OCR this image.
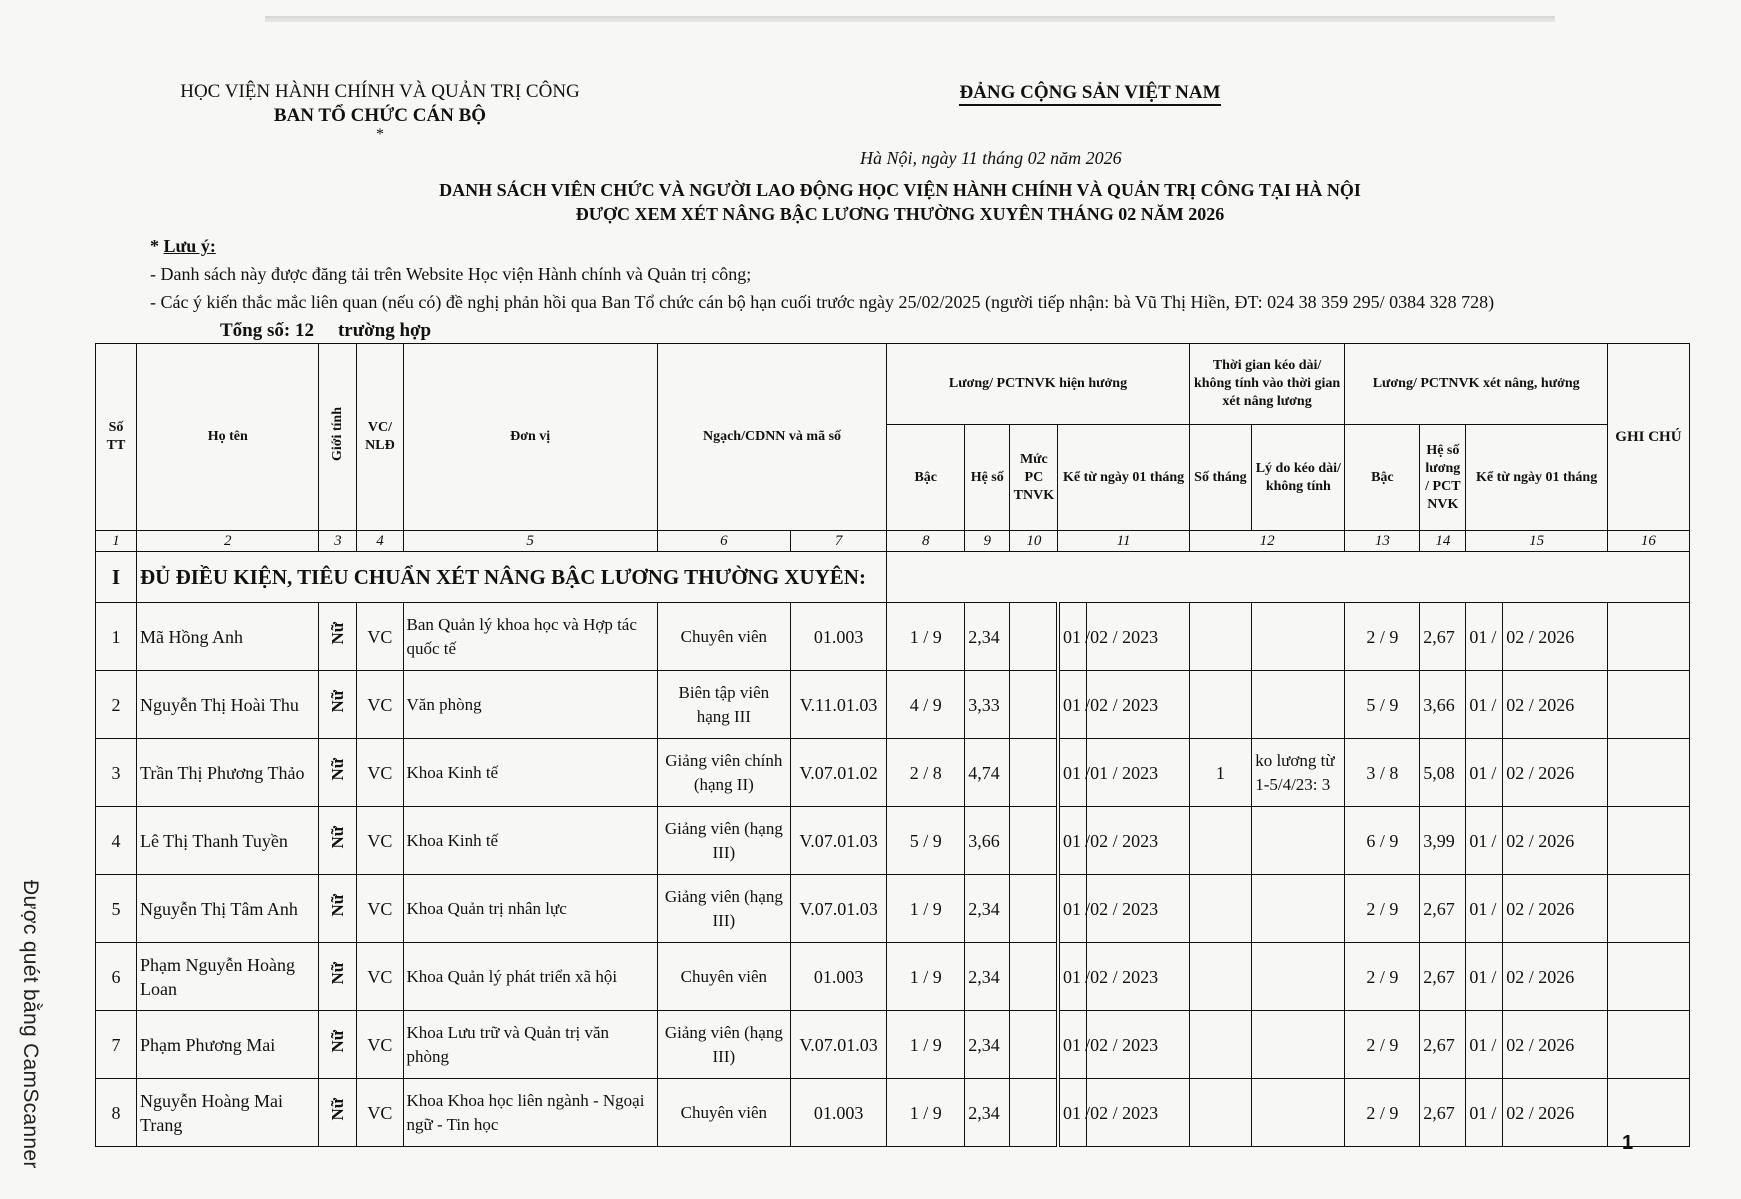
Được quét bằng CamScanner
HỌC VIỆN HÀNH CHÍNH VÀ QUẢN TRỊ CÔNG
BAN TỔ CHỨC CÁN BỘ
*
ĐẢNG CỘNG SẢN VIỆT NAM
Hà Nội, ngày 11 tháng 02 năm 2026
DANH SÁCH VIÊN CHỨC VÀ NGƯỜI LAO ĐỘNG HỌC VIỆN HÀNH CHÍNH VÀ QUẢN TRỊ CÔNG TẠI HÀ NỘI
ĐƯỢC XEM XÉT NÂNG BẬC LƯƠNG THƯỜNG XUYÊN THÁNG 02 NĂM 2026
* Lưu ý:
- Danh sách này được đăng tải trên Website Học viện Hành chính và Quản trị công;
- Các ý kiến thắc mắc liên quan (nếu có) đề nghị phản hồi qua Ban Tổ chức cán bộ hạn cuối trước ngày 25/02/2025 (người tiếp nhận: bà Vũ Thị Hiền, ĐT: 024 38 359 295/ 0384 328 728)
Tổng số: 12 trường hợp
Số TT	Họ tên	Giới tính	VC/ NLĐ	Đơn vị	Ngạch/CDNN và mã số		Lương/ PCTNVK hiện hưởng					Thời gian kéo dài/ không tính vào thời gian xét nâng lương		Lương/ PCTNVK xét nâng, hưởng				GHI CHÚ
							Bậc	Hệ số	Mức PC TNVK	Kể từ ngày 01 tháng		Số tháng	Lý do kéo dài/ không tính	Bậc	Hệ số lương / PCT NVK	Kể từ ngày 01 tháng		
1	2	3	4	5	6	7	8	9	10	11		12		13	14	15		16
I	ĐỦ ĐIỀU KIỆN, TIÊU CHUẨN XÉT NÂNG BẬC LƯƠNG THƯỜNG XUYÊN:																	
1	Mã Hồng Anh	Nữ	VC	Ban Quản lý khoa học và Hợp tác quốc tế	Chuyên viên	01.003	1 / 9	2,34		01 /	02 / 2023			2 / 9	2,67	01 /	02 / 2026	
2	Nguyễn Thị Hoài Thu	Nữ	VC	Văn phòng	Biên tập viên hạng III	V.11.01.03	4 / 9	3,33		01 /	02 / 2023			5 / 9	3,66	01 /	02 / 2026	
3	Trần Thị Phương Thảo	Nữ	VC	Khoa Kinh tế	Giảng viên chính (hạng II)	V.07.01.02	2 / 8	4,74		01 /	01 / 2023	1	ko lương từ 1-5/4/23: 3	3 / 8	5,08	01 /	02 / 2026	
4	Lê Thị Thanh Tuyền	Nữ	VC	Khoa Kinh tế	Giảng viên (hạng III)	V.07.01.03	5 / 9	3,66		01 /	02 / 2023			6 / 9	3,99	01 /	02 / 2026	
5	Nguyễn Thị Tâm Anh	Nữ	VC	Khoa Quản trị nhân lực	Giảng viên (hạng III)	V.07.01.03	1 / 9	2,34		01 /	02 / 2023			2 / 9	2,67	01 /	02 / 2026	
6	Phạm Nguyễn Hoàng Loan	Nữ	VC	Khoa Quản lý phát triển xã hội	Chuyên viên	01.003	1 / 9	2,34		01 /	02 / 2023			2 / 9	2,67	01 /	02 / 2026	
7	Phạm Phương Mai	Nữ	VC	Khoa Lưu trữ và Quản trị văn phòng	Giảng viên (hạng III)	V.07.01.03	1 / 9	2,34		01 /	02 / 2023			2 / 9	2,67	01 /	02 / 2026	
8	Nguyễn Hoàng Mai Trang	Nữ	VC	Khoa Khoa học liên ngành - Ngoại ngữ - Tin học	Chuyên viên	01.003	1 / 9	2,34		01 /	02 / 2023			2 / 9	2,67	01 /	02 / 2026	
1
